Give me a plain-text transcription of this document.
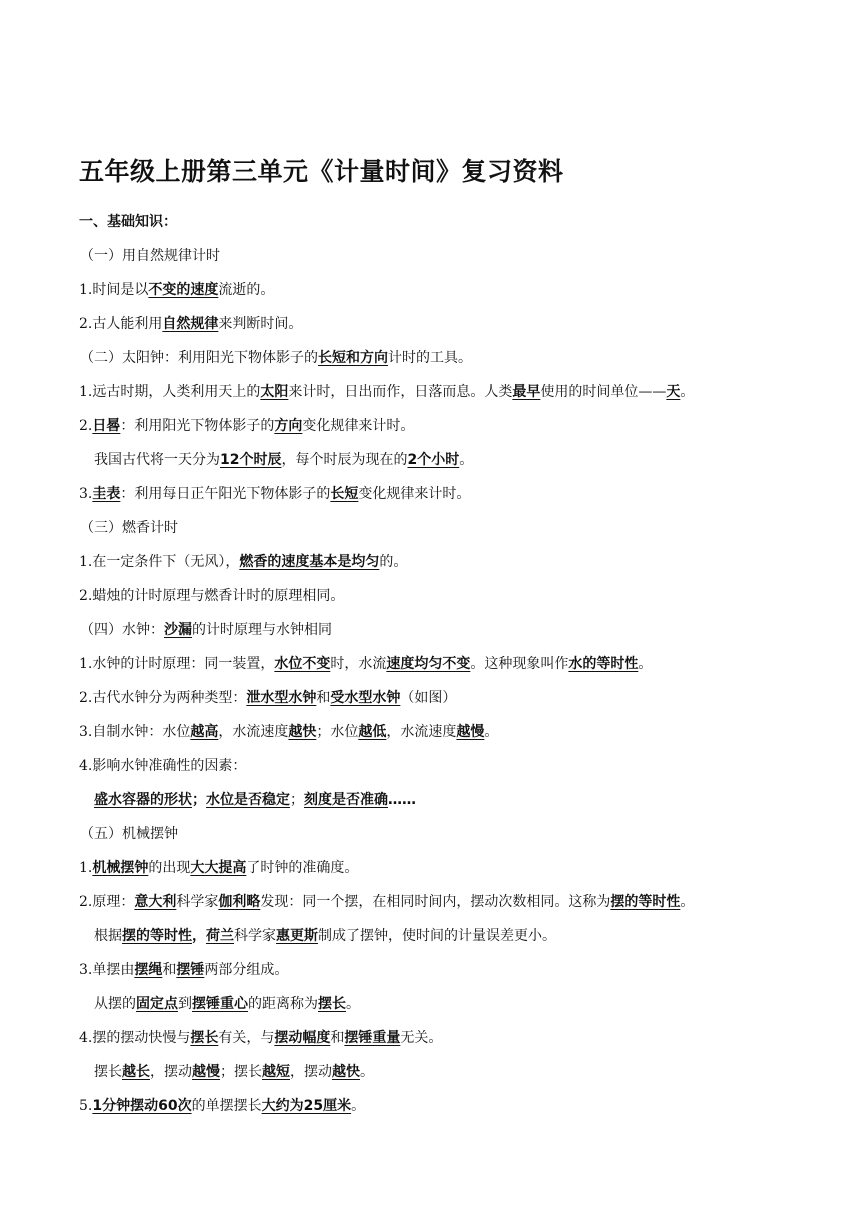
五年级上册第三单元《计量时间》复习资料
一、基础知识：
（一）用自然规律计时
1.时间是以不变的速度流逝的。
2.古人能利用自然规律来判断时间。
（二）太阳钟：利用阳光下物体影子的长短和方向计时的工具。
1.远古时期，人类利用天上的太阳来计时，日出而作，日落而息。人类最早使用的时间单位——天。
2.日晷：利用阳光下物体影子的方向变化规律来计时。
我国古代将一天分为12个时辰，每个时辰为现在的2个小时。
3.圭表：利用每日正午阳光下物体影子的长短变化规律来计时。
（三）燃香计时
1.在一定条件下（无风），燃香的速度基本是均匀的。
2.蜡烛的计时原理与燃香计时的原理相同。
（四）水钟：沙漏的计时原理与水钟相同
1.水钟的计时原理：同一装置，水位不变时，水流速度均匀不变。这种现象叫作水的等时性。
2.古代水钟分为两种类型：泄水型水钟和受水型水钟（如图）
3.自制水钟：水位越高，水流速度越快；水位越低，水流速度越慢。
4.影响水钟准确性的因素：
盛水容器的形状；水位是否稳定；刻度是否准确……
（五）机械摆钟
1.机械摆钟的出现大大提高了时钟的准确度。
2.原理：意大利科学家伽利略发现：同一个摆，在相同时间内，摆动次数相同。这称为摆的等时性。
根据摆的等时性，荷兰科学家惠更斯制成了摆钟，使时间的计量误差更小。
3.单摆由摆绳和摆锤两部分组成。
从摆的固定点到摆锤重心的距离称为摆长。
4.摆的摆动快慢与摆长有关，与摆动幅度和摆锤重量无关。
摆长越长，摆动越慢；摆长越短，摆动越快。
5.1分钟摆动60次的单摆摆长大约为25厘米。
